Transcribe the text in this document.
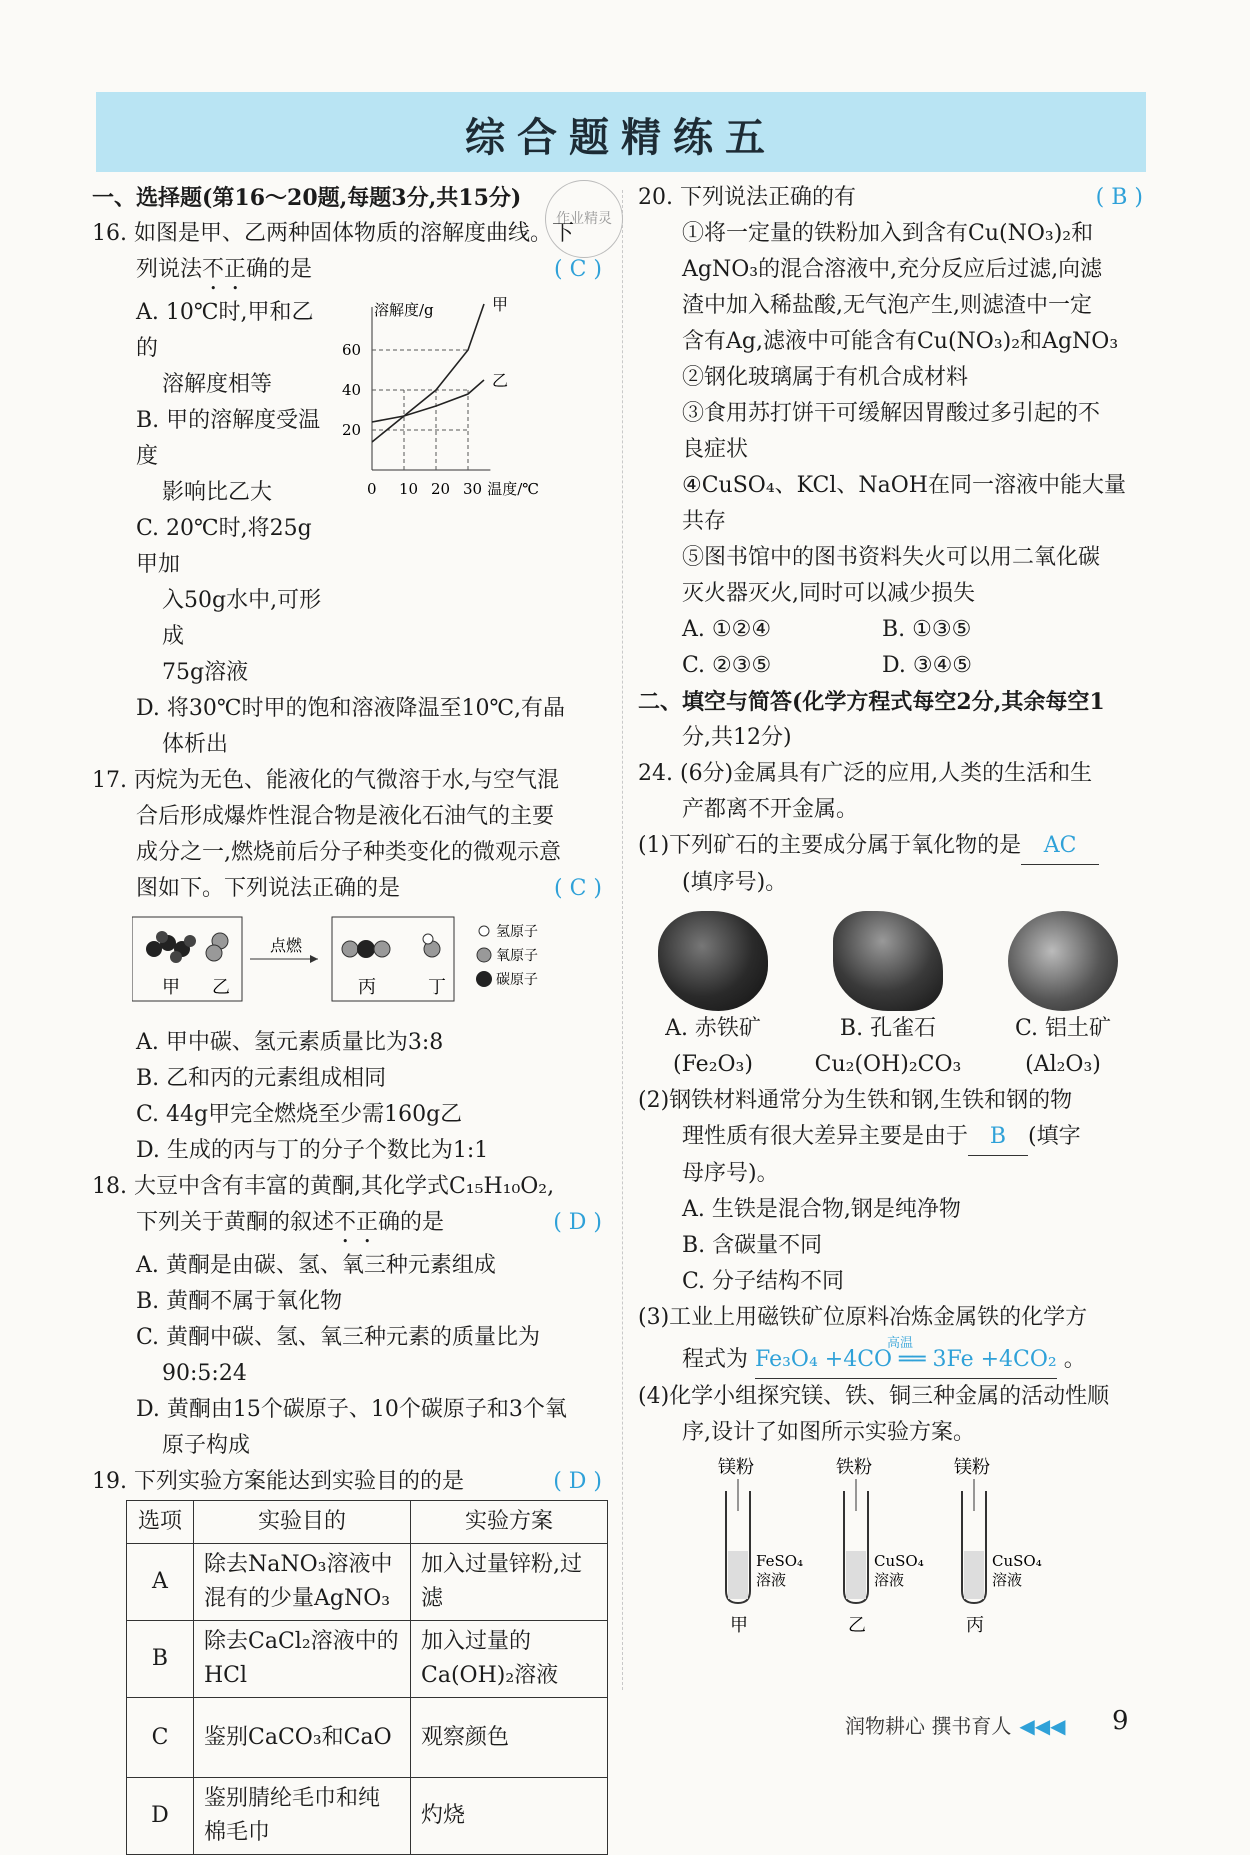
综合题精练五
作业精灵
一、选择题(第16～20题,每题3分,共15分)
16. 如图是甲、乙两种固体物质的溶解度曲线。下
列说法不正确的是	( C )
A. 10℃时,甲和乙的
溶解度相等
B. 甲的溶解度受温度
影响比乙大
C. 20℃时,将25g甲加
入50g水中,可形成
75g溶液
溶解度/g
温度/℃
0 10 20 30
20
40
60
甲
乙
D. 将30℃时甲的饱和溶液降温至10℃,有晶
体析出
17. 丙烷为无色、能液化的气微溶于水,与空气混
合后形成爆炸性混合物是液化石油气的主要
成分之一,燃烧前后分子种类变化的微观示意
图如下。下列说法正确的是	( C )
甲 乙
点燃
丙	丁
氢原子
氧原子
碳原子
A. 甲中碳、氢元素质量比为3:8
B. 乙和丙的元素组成相同
C. 44g甲完全燃烧至少需160g乙
D. 生成的丙与丁的分子个数比为1:1
18. 大豆中含有丰富的黄酮,其化学式C₁₅H₁₀O₂,
下列关于黄酮的叙述不正确的是	( D )
A. 黄酮是由碳、氢、氧三种元素组成
B. 黄酮不属于氧化物
C. 黄酮中碳、氢、氧三种元素的质量比为
90:5:24
D. 黄酮由15个碳原子、10个碳原子和3个氧
原子构成
19. 下列实验方案能达到实验目的的是	( D )
选项	实验目的	实验方案
A	除去NaNO₃溶液中混有的少量AgNO₃	加入过量锌粉,过滤
B	除去CaCl₂溶液中的HCl	加入过量的Ca(OH)₂溶液
C	鉴别CaCO₃和CaO	观察颜色
D	鉴别腈纶毛巾和纯棉毛巾	灼烧
20. 下列说法正确的有	( B )
①将一定量的铁粉加入到含有Cu(NO₃)₂和
AgNO₃的混合溶液中,充分反应后过滤,向滤
渣中加入稀盐酸,无气泡产生,则滤渣中一定
含有Ag,滤液中可能含有Cu(NO₃)₂和AgNO₃
②钢化玻璃属于有机合成材料
③食用苏打饼干可缓解因胃酸过多引起的不
良症状
④CuSO₄、KCl、NaOH在同一溶液中能大量
共存
⑤图书馆中的图书资料失火可以用二氧化碳
灭火器灭火,同时可以减少损失
A. ①②④	B. ①③⑤
C. ②③⑤	D. ③④⑤
二、填空与简答(化学方程式每空2分,其余每空1
分,共12分)
24. (6分)金属具有广泛的应用,人类的生活和生
产都离不开金属。
(1)下列矿石的主要成分属于氧化物的是 AC
(填序号)。
A. 赤铁矿
(Fe₂O₃)
B. 孔雀石
Cu₂(OH)₂CO₃
C. 铝土矿
(Al₂O₃)
(2)钢铁材料通常分为生铁和钢,生铁和钢的物
理性质有很大差异主要是由于 B (填字
母序号)。
A. 生铁是混合物,钢是纯净物
B. 含碳量不同
C. 分子结构不同
(3)工业上用磁铁矿位原料冶炼金属铁的化学方
程式为
高温
Fe₃O₄ +4CO ══ 3Fe +4CO₂ 。
(4)化学小组探究镁、铁、铜三种金属的活动性顺
序,设计了如图所示实验方案。
镁粉
FeSO₄
溶液
甲
铁粉
CuSO₄
溶液
乙
镁粉
CuSO₄
溶液
丙
润物耕心 撰书育人 ◀◀◀	9
